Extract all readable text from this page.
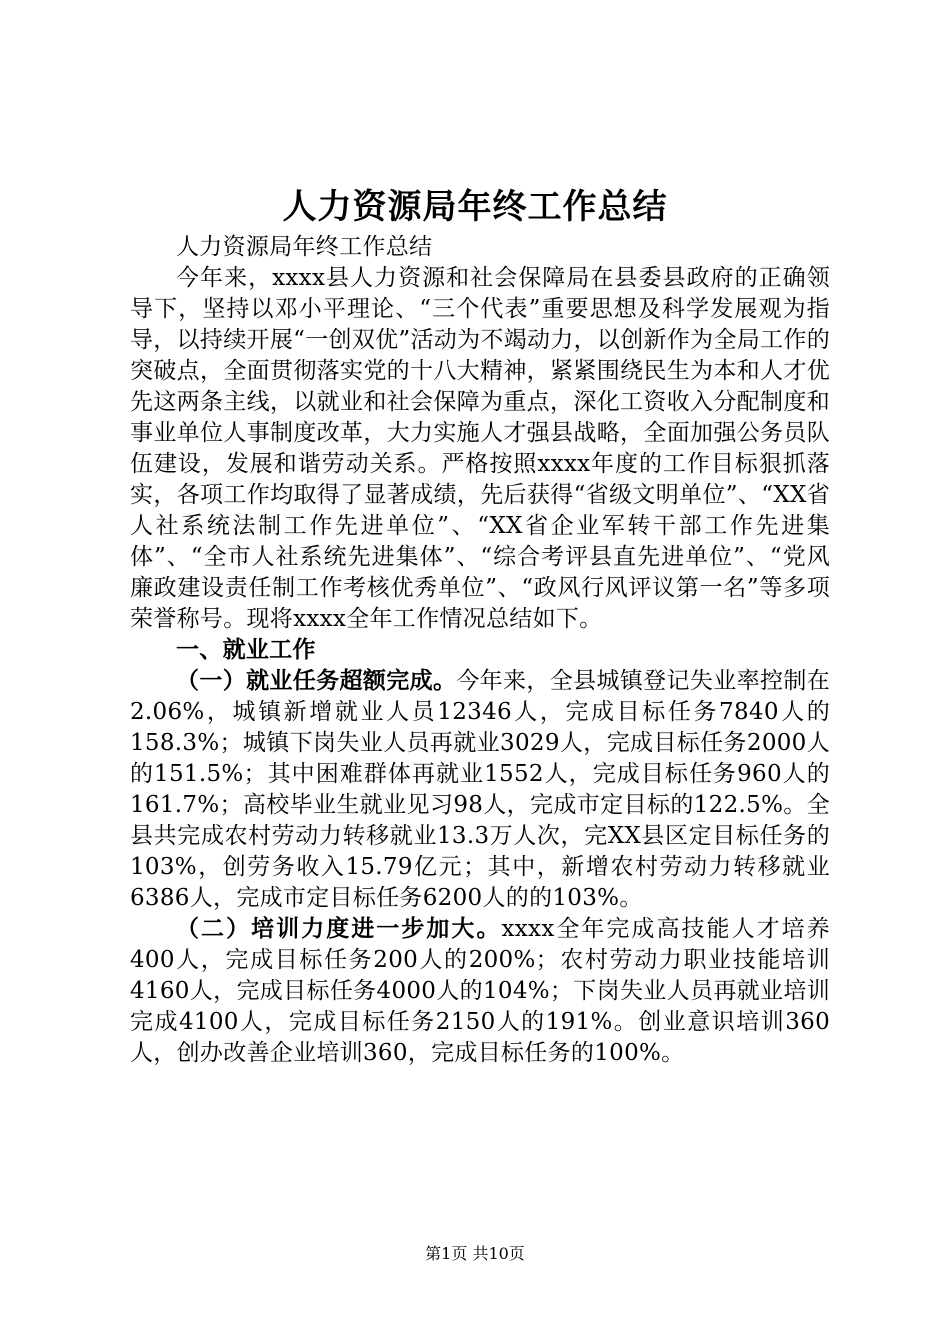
人力资源局年终工作总结

人力资源局年终工作总结

今年来，xxxx县人力资源和社会保障局在县委县政府的正确领导下，坚持以邓小平理论、“三个代表”重要思想及科学发展观为指导，以持续开展“一创双优”活动为不竭动力，以创新作为全局工作的突破点，全面贯彻落实党的十八大精神，紧紧围绕民生为本和人才优先这两条主线，以就业和社会保障为重点，深化工资收入分配制度和事业单位人事制度改革，大力实施人才强县战略，全面加强公务员队伍建设，发展和谐劳动关系。严格按照xxxx年度的工作目标狠抓落实，各项工作均取得了显著成绩，先后获得“省级文明单位”、“XX省人社系统法制工作先进单位”、“XX省企业军转干部工作先进集体”、“全市人社系统先进集体”、“综合考评县直先进单位”、“党风廉政建设责任制工作考核优秀单位”、“政风行风评议第一名”等多项荣誉称号。现将xxxx全年工作情况总结如下。

一、就业工作

（一）就业任务超额完成。今年来，全县城镇登记失业率控制在2.06%，城镇新增就业人员12346人，完成目标任务7840人的158.3%；城镇下岗失业人员再就业3029人，完成目标任务2000人的151.5%；其中困难群体再就业1552人，完成目标任务960人的161.7%；高校毕业生就业见习98人，完成市定目标的122.5%。全县共完成农村劳动力转移就业13.3万人次，完XX县区定目标任务的103%，创劳务收入15.79亿元；其中，新增农村劳动力转移就业6386人，完成市定目标任务6200人的的103%。

（二）培训力度进一步加大。xxxx全年完成高技能人才培养400人，完成目标任务200人的200%；农村劳动力职业技能培训4160人，完成目标任务4000人的104%；下岗失业人员再就业培训完成4100人，完成目标任务2150人的191%。创业意识培训360人，创办改善企业培训360，完成目标任务的100%。

第1页 共10页
